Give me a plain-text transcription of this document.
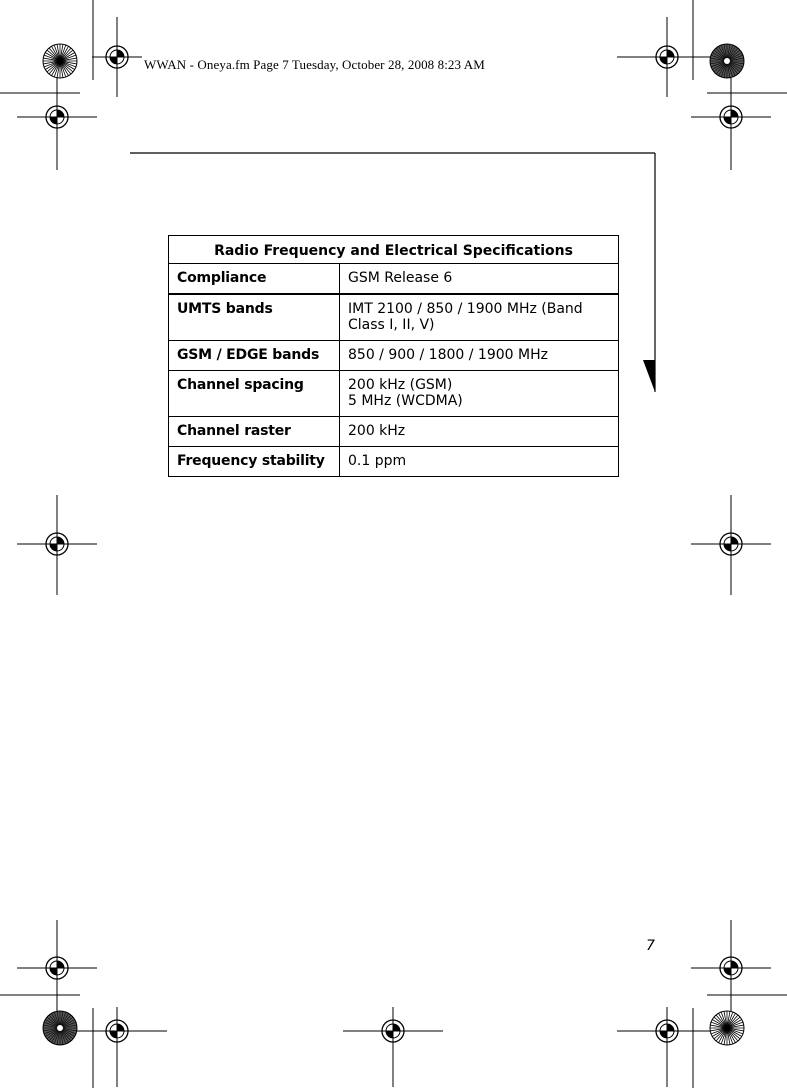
WWAN - Oneya.fm Page 7 Tuesday, October 28, 2008 8:23 AM
Radio Frequency and Electrical Specifications	
Compliance	GSM Release 6

UMTS bands	IMT 2100 / 850 / 1900 MHz (Band
Class I, II, V)

GSM / EDGE bands	850 / 900 / 1800 / 1900 MHz

Channel spacing	200 kHz (GSM)
5 MHz (WCDMA)

Channel raster	200 kHz

Frequency stability	0.1 ppm
7
